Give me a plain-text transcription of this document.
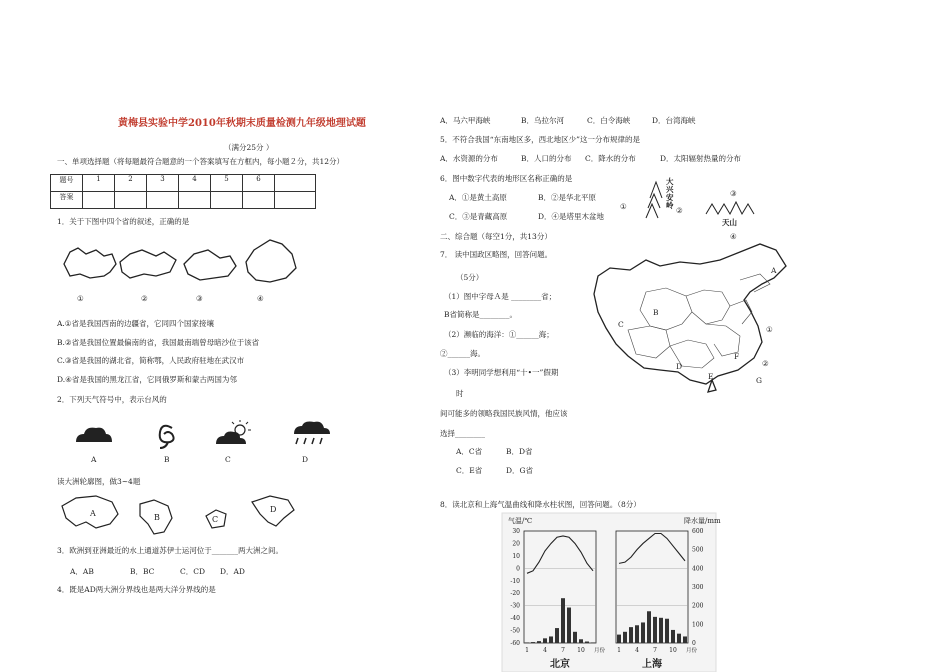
黄梅县实验中学2010年秋期末质量检测九年级地理试题
（满分25分 ）
一、单项选择题（将每题最符合题意的一个答案填写在方框内，每小题２分，共12分）
题号	1	2	3	4	5	6	
答案							
1．关于下图中四个省的叙述，正确的是
①	②	③	④
A.①省是我国西南的边疆省，它同四个国家接壤
B.②省是我国位置最偏南的省，我国最南端曾母暗沙位于该省
C.③省是我国的湖北省，简称鄂，人民政府驻地在武汉市
D.④省是我国的黑龙江省，它同俄罗斯和蒙古两国为邻
2．下列天气符号中，表示台风的
A	B	C	D
读大洲轮廓图，做3~4题
A	B	C
D
3．欧洲到亚洲最近的水上通道苏伊士运河位于_______两大洲之间。
A．AB	B．BC	C．CD D．AD
4．既是AD两大洲分界线也是两大洋分界线的是
A．马六甲海峡	B．乌拉尔河	C．白令海峡	D．台湾海峡
5．不符合我国“东南地区多，西北地区少”这一分布规律的是
A．水资源的分布	B．人口的分布 C．降水的分布	D．太阳辐射热量的分布
6．图中数字代表的地形区名称正确的是
A．①是黄土高原	B．②是华北平原
C．③是青藏高原	D．④是塔里木盆地
①
大兴安岭
②
③
天山
④
二、综合题（每空1分，共13分）
7． 读中国政区略图，回答问题。
（5分）
（1）图中字母Ａ是 ________省；
B省简称是________。
（2）濒临的海洋：①______海；
②______海。
（3）李明同学想利用“十•一”假期
时
间可能多的领略我国民族风情，他应该
选择________
A．C省	B．D省
C．E省	D．G省
A
B
C
D
E
F
G
①
②
8．读北京和上海气温曲线和降水柱状图，回答问题。（8分）
气温/℃	降水量/mm
30
20
10
0
-10
-20
-30
-40
-50
-60
600
500
400
300
200
100
0
1 4 7 10 月份
北京
1 4 7 10 月份
上海
